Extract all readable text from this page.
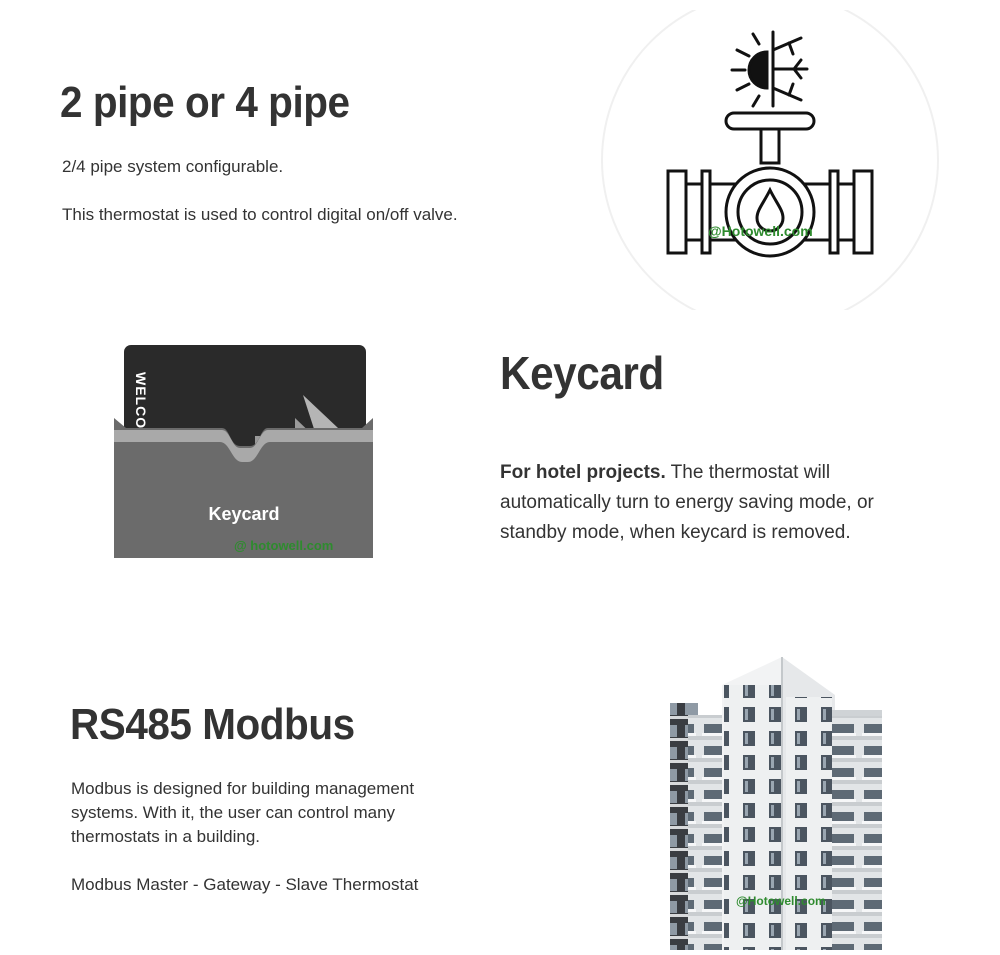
2 pipe or 4 pipe

2/4 pipe system configurable.

This thermostat is used to control digital on/off valve.

@Hotowell.com
WELCO
Keycard
@ hotowell.com
Keycard

For hotel projects. The thermostat will automatically turn to energy saving mode, or standby mode, when keycard is removed.

RS485 Modbus

Modbus is designed for building management systems. With it, the user can control many thermostats in a building.

Modbus Master - Gateway - Slave Thermostat

@Hotowell.com
